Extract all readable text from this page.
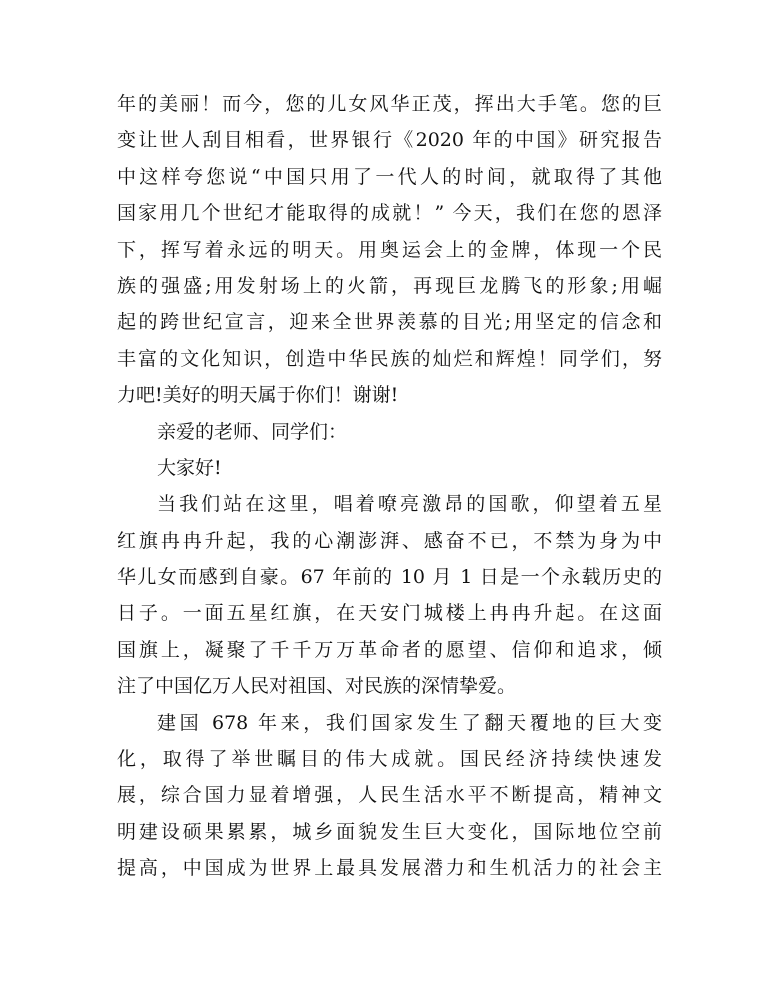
年的美丽！而今，您的儿女风华正茂，挥出大手笔。您的巨
变让世人刮目相看，世界银行《2020 年的中国》研究报告
中这样夸您说“中国只用了一代人的时间，就取得了其他
国家用几个世纪才能取得的成就！” 今天，我们在您的恩泽
下，挥写着永远的明天。用奥运会上的金牌，体现一个民
族的强盛;用发射场上的火箭，再现巨龙腾飞的形象;用崛
起的跨世纪宣言，迎来全世界羡慕的目光;用坚定的信念和
丰富的文化知识，创造中华民族的灿烂和辉煌！同学们，努
力吧!美好的明天属于你们！谢谢!
亲爱的老师、同学们：
大家好!
当我们站在这里，唱着嘹亮激昂的国歌，仰望着五星
红旗冉冉升起，我的心潮澎湃、感奋不已，不禁为身为中
华儿女而感到自豪。67 年前的 10 月 1 日是一个永载历史的
日子。一面五星红旗，在天安门城楼上冉冉升起。在这面
国旗上，凝聚了千千万万革命者的愿望、信仰和追求，倾
注了中国亿万人民对祖国、对民族的深情挚爱。
建国 678 年来，我们国家发生了翻天覆地的巨大变
化，取得了举世瞩目的伟大成就。国民经济持续快速发
展，综合国力显着增强，人民生活水平不断提高，精神文
明建设硕果累累，城乡面貌发生巨大变化，国际地位空前
提高，中国成为世界上最具发展潜力和生机活力的社会主
